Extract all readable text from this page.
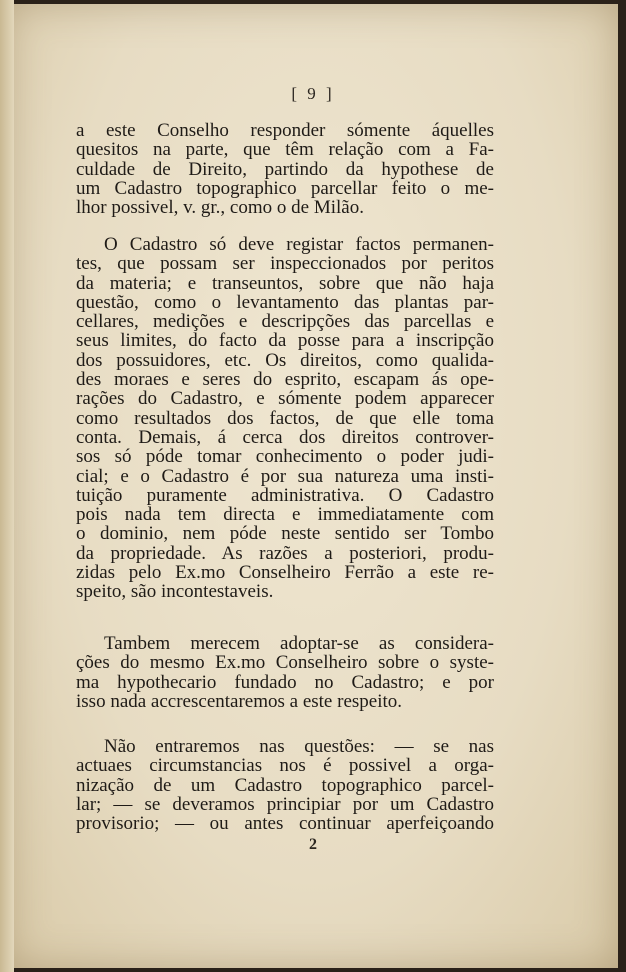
[ 9 ]
a este Conselho responder sómente áquelles
quesitos na parte, que têm relação com a Fa-
culdade de Direito, partindo da hypothese de
um Cadastro topographico parcellar feito o me-
lhor possivel, v. gr., como o de Milão.
O Cadastro só deve registar factos permanen-
tes, que possam ser inspeccionados por peritos
da materia; e transeuntos, sobre que não haja
questão, como o levantamento das plantas par-
cellares, medições e descripções das parcellas e
seus limites, do facto da posse para a inscripção
dos possuidores, etc. Os direitos, como qualida-
des moraes e seres do esprito, escapam ás ope-
rações do Cadastro, e sómente podem apparecer
como resultados dos factos, de que elle toma
conta. Demais, á cerca dos direitos controver-
sos só póde tomar conhecimento o poder judi-
cial; e o Cadastro é por sua natureza uma insti-
tuição puramente administrativa. O Cadastro
pois nada tem directa e immediatamente com
o dominio, nem póde neste sentido ser Tombo
da propriedade. As razões a posteriori, produ-
zidas pelo Ex.mo Conselheiro Ferrão a este re-
speito, são incontestaveis.
Tambem merecem adoptar-se as considera-
ções do mesmo Ex.mo Conselheiro sobre o syste-
ma hypothecario fundado no Cadastro; e por
isso nada accrescentaremos a este respeito.
Não entraremos nas questões: — se nas
actuaes circumstancias nos é possivel a orga-
nização de um Cadastro topographico parcel-
lar; — se deveramos principiar por um Cadastro
provisorio; — ou antes continuar aperfeiçoando
2
